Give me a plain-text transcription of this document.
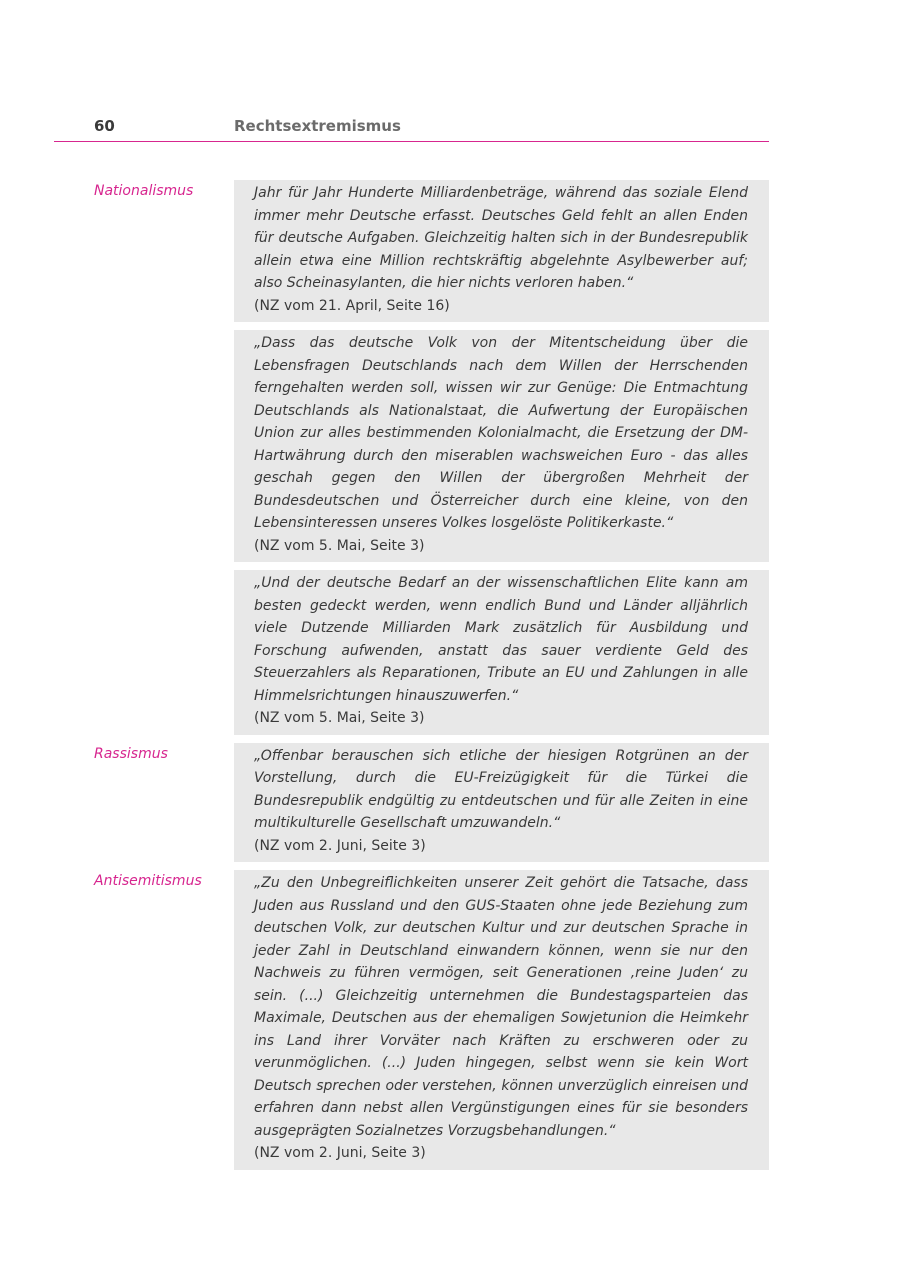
60	Rechtsextremismus
Nationalismus	Jahr für Jahr Hunderte Milliardenbeträge, während das soziale Elend immer mehr Deutsche erfasst. Deutsches Geld fehlt an allen Enden für deutsche Aufgaben. Gleichzeitig halten sich in der Bundesrepublik allein etwa eine Million rechtskräftig abgelehnte Asylbewerber auf; also Scheinasylanten, die hier nichts verloren haben.“

(NZ vom 21. April, Seite 16)

„Dass das deutsche Volk von der Mitentscheidung über die Lebensfragen Deutschlands nach dem Willen der Herrschenden ferngehalten werden soll, wissen wir zur Genüge: Die Entmachtung Deutschlands als Nationalstaat, die Aufwertung der Europäischen Union zur alles bestimmenden Kolonialmacht, die Ersetzung der DM-Hartwährung durch den miserablen wachsweichen Euro - das alles geschah gegen den Willen der übergroßen Mehrheit der Bundesdeutschen und Österreicher durch eine kleine, von den Lebensinteressen unseres Volkes losgelöste Politikerkaste.“

(NZ vom 5. Mai, Seite 3)

„Und der deutsche Bedarf an der wissenschaftlichen Elite kann am besten gedeckt werden, wenn endlich Bund und Länder alljährlich viele Dutzende Milliarden Mark zusätzlich für Ausbildung und Forschung aufwenden, anstatt das sauer verdiente Geld des Steuerzahlers als Reparationen, Tribute an EU und Zahlungen in alle Himmelsrichtungen hinauszuwerfen.“

(NZ vom 5. Mai, Seite 3)

Rassismus	„Offenbar berauschen sich etliche der hiesigen Rotgrünen an der Vorstellung, durch die EU-Freizügigkeit für die Türkei die Bundesrepublik endgültig zu entdeutschen und für alle Zeiten in eine multikulturelle Gesellschaft umzuwandeln.“

(NZ vom 2. Juni, Seite 3)

Antisemitismus	„Zu den Unbegreiflichkeiten unserer Zeit gehört die Tatsache, dass Juden aus Russland und den GUS-Staaten ohne jede Beziehung zum deutschen Volk, zur deutschen Kultur und zur deutschen Sprache in jeder Zahl in Deutschland einwandern können, wenn sie nur den Nachweis zu führen vermögen, seit Generationen ‚reine Juden‘ zu sein. (...) Gleichzeitig unternehmen die Bundestagsparteien das Maximale, Deutschen aus der ehemaligen Sowjetunion die Heimkehr ins Land ihrer Vorväter nach Kräften zu erschweren oder zu verunmöglichen. (...) Juden hingegen, selbst wenn sie kein Wort Deutsch sprechen oder verstehen, können unverzüglich einreisen und erfahren dann nebst allen Vergünstigungen eines für sie besonders ausgeprägten Sozialnetzes Vorzugsbehandlungen.“

(NZ vom 2. Juni, Seite 3)
